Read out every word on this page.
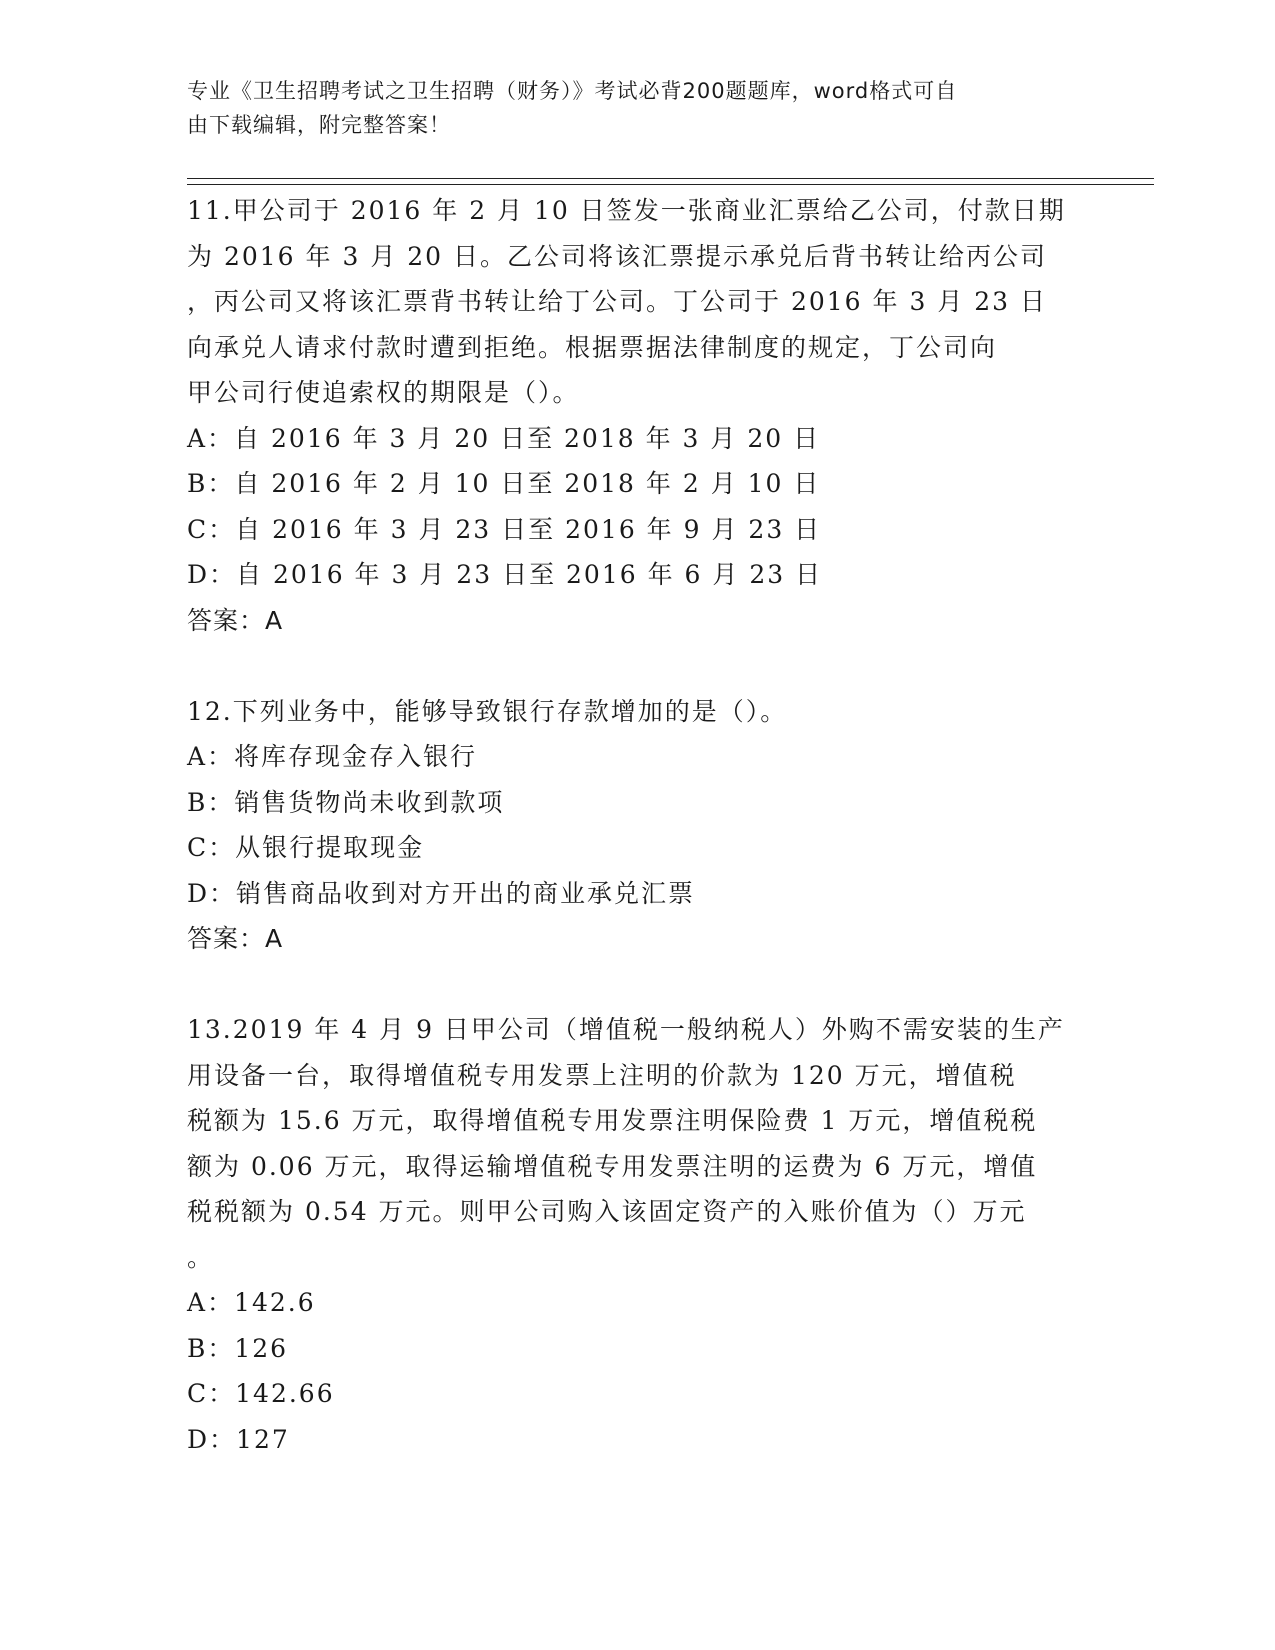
专业《卫生招聘考试之卫生招聘（财务）》考试必背200题题库，word格式可自
由下载编辑，附完整答案！
11.甲公司于 2016 年 2 月 10 日签发一张商业汇票给乙公司，付款日期
为 2016 年 3 月 20 日。乙公司将该汇票提示承兑后背书转让给丙公司
，丙公司又将该汇票背书转让给丁公司。丁公司于 2016 年 3 月 23 日
向承兑人请求付款时遭到拒绝。根据票据法律制度的规定，丁公司向
甲公司行使追索权的期限是（）。
A：自 2016 年 3 月 20 日至 2018 年 3 月 20 日
B：自 2016 年 2 月 10 日至 2018 年 2 月 10 日
C：自 2016 年 3 月 23 日至 2016 年 9 月 23 日
D：自 2016 年 3 月 23 日至 2016 年 6 月 23 日
答案：A
12.下列业务中，能够导致银行存款增加的是（）。
A：将库存现金存入银行
B：销售货物尚未收到款项
C：从银行提取现金
D：销售商品收到对方开出的商业承兑汇票
答案：A
13.2019 年 4 月 9 日甲公司（增值税一般纳税人）外购不需安装的生产
用设备一台，取得增值税专用发票上注明的价款为 120 万元，增值税
税额为 15.6 万元，取得增值税专用发票注明保险费 1 万元，增值税税
额为 0.06 万元，取得运输增值税专用发票注明的运费为 6 万元，增值
税税额为 0.54 万元。则甲公司购入该固定资产的入账价值为（）万元
。
A：142.6
B：126
C：142.66
D：127
